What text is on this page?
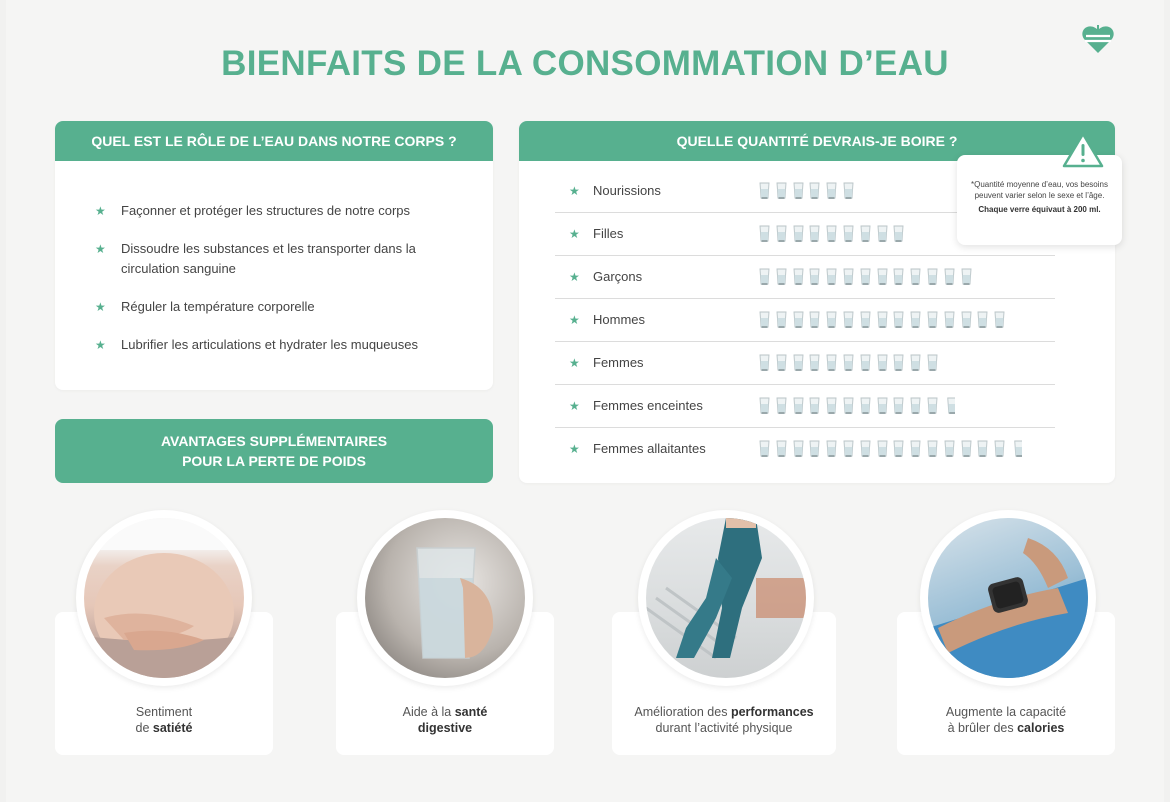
BIENFAITS DE LA CONSOMMATION D’EAU
QUEL EST LE RÔLE DE L’EAU DANS NOTRE CORPS ?
★ Façonner et protéger les structures de notre corps
★ Dissoudre les substances et les transporter dans la circulation sanguine
★ Réguler la température corporelle
★ Lubrifier les articulations et hydrater les muqueuses
AVANTAGES SUPPLÉMENTAIRES
POUR LA PERTE DE POIDS
QUELLE QUANTITÉ DEVRAIS-JE BOIRE ?
★ Nourissions
★ Filles
★ Garçons
★ Hommes
★ Femmes
★ Femmes enceintes
★ Femmes allaitantes
*Quantité moyenne d’eau, vos besoins peuvent varier selon le sexe et l’âge.
Chaque verre équivaut à 200 ml.
Sentiment
de satiété
Aide à la santé
digestive
Amélioration des performances
durant l’activité physique
Augmente la capacité
à brûler des calories
